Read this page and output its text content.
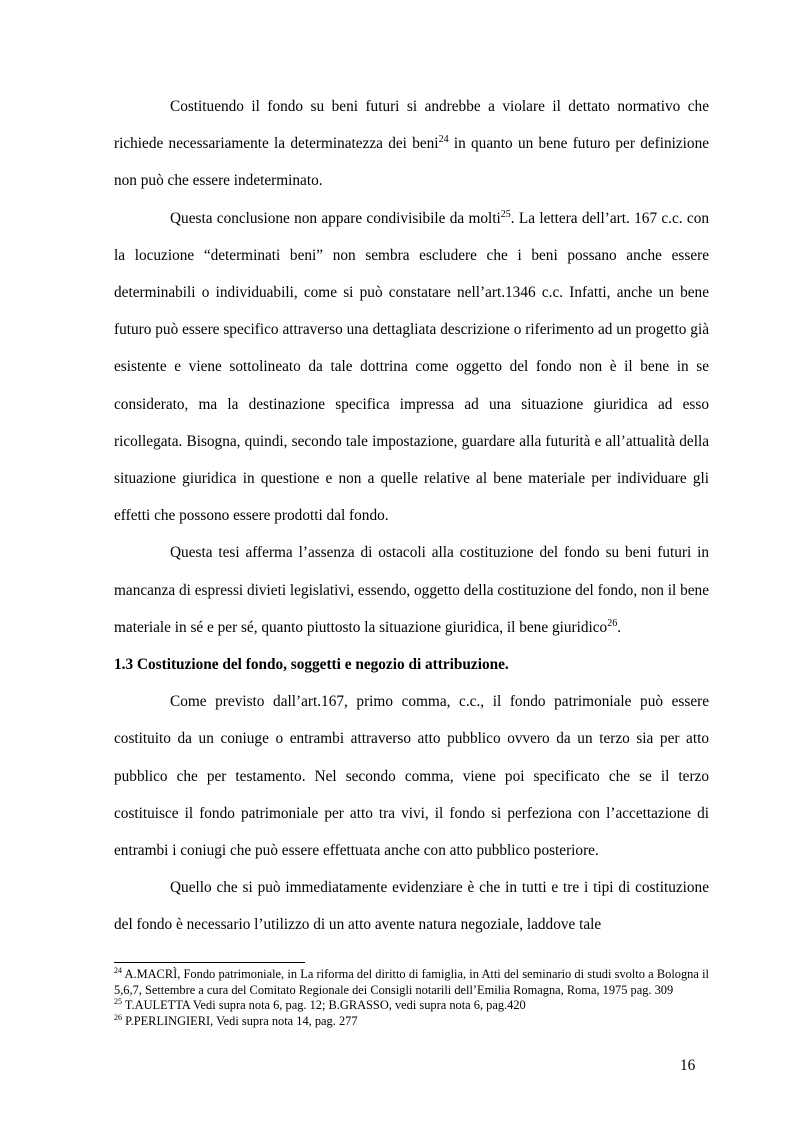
Costituendo il fondo su beni futuri si andrebbe a violare il dettato normativo che richiede necessariamente la determinatezza dei beni$^{24}$ in quanto un bene futuro per definizione non può che essere indeterminato.

Questa conclusione non appare condivisibile da molti$^{25}$. La lettera dell’art. 167 c.c. con la locuzione “determinati beni” non sembra escludere che i beni possano anche essere determinabili o individuabili, come si può constatare nell’art.1346 c.c. Infatti, anche un bene futuro può essere specifico attraverso una dettagliata descrizione o riferimento ad un progetto già esistente e viene sottolineato da tale dottrina come oggetto del fondo non è il bene in se considerato, ma la destinazione specifica impressa ad una situazione giuridica ad esso ricollegata. Bisogna, quindi, secondo tale impostazione, guardare alla futurità e all’attualità della situazione giuridica in questione e non a quelle relative al bene materiale per individuare gli effetti che possono essere prodotti dal fondo.

Questa tesi afferma l’assenza di ostacoli alla costituzione del fondo su beni futuri in mancanza di espressi divieti legislativi, essendo, oggetto della costituzione del fondo, non il bene materiale in sé e per sé, quanto piuttosto la situazione giuridica, il bene giuridico$^{26}$.

1.3 Costituzione del fondo, soggetti e negozio di attribuzione.

Come previsto dall’art.167, primo comma, c.c., il fondo patrimoniale può essere costituito da un coniuge o entrambi attraverso atto pubblico ovvero da un terzo sia per atto pubblico che per testamento. Nel secondo comma, viene poi specificato che se il terzo costituisce il fondo patrimoniale per atto tra vivi, il fondo si perfeziona con l’accettazione di entrambi i coniugi che può essere effettuata anche con atto pubblico posteriore.

Quello che si può immediatamente evidenziare è che in tutti e tre i tipi di costituzione del fondo è necessario l’utilizzo di un atto avente natura negoziale, laddove tale

$^{24}$ A.MACRÌ, Fondo patrimoniale, in La riforma del diritto di famiglia, in Atti del seminario di studi svolto a Bologna il 5,6,7, Settembre a cura del Comitato Regionale dei Consigli notarili dell’Emilia Romagna, Roma, 1975 pag. 309

$^{25}$ T.AULETTA Vedi supra nota 6, pag. 12; B.GRASSO, vedi supra nota 6, pag.420

$^{26}$ P.PERLINGIERI, Vedi supra nota 14, pag. 277

16
